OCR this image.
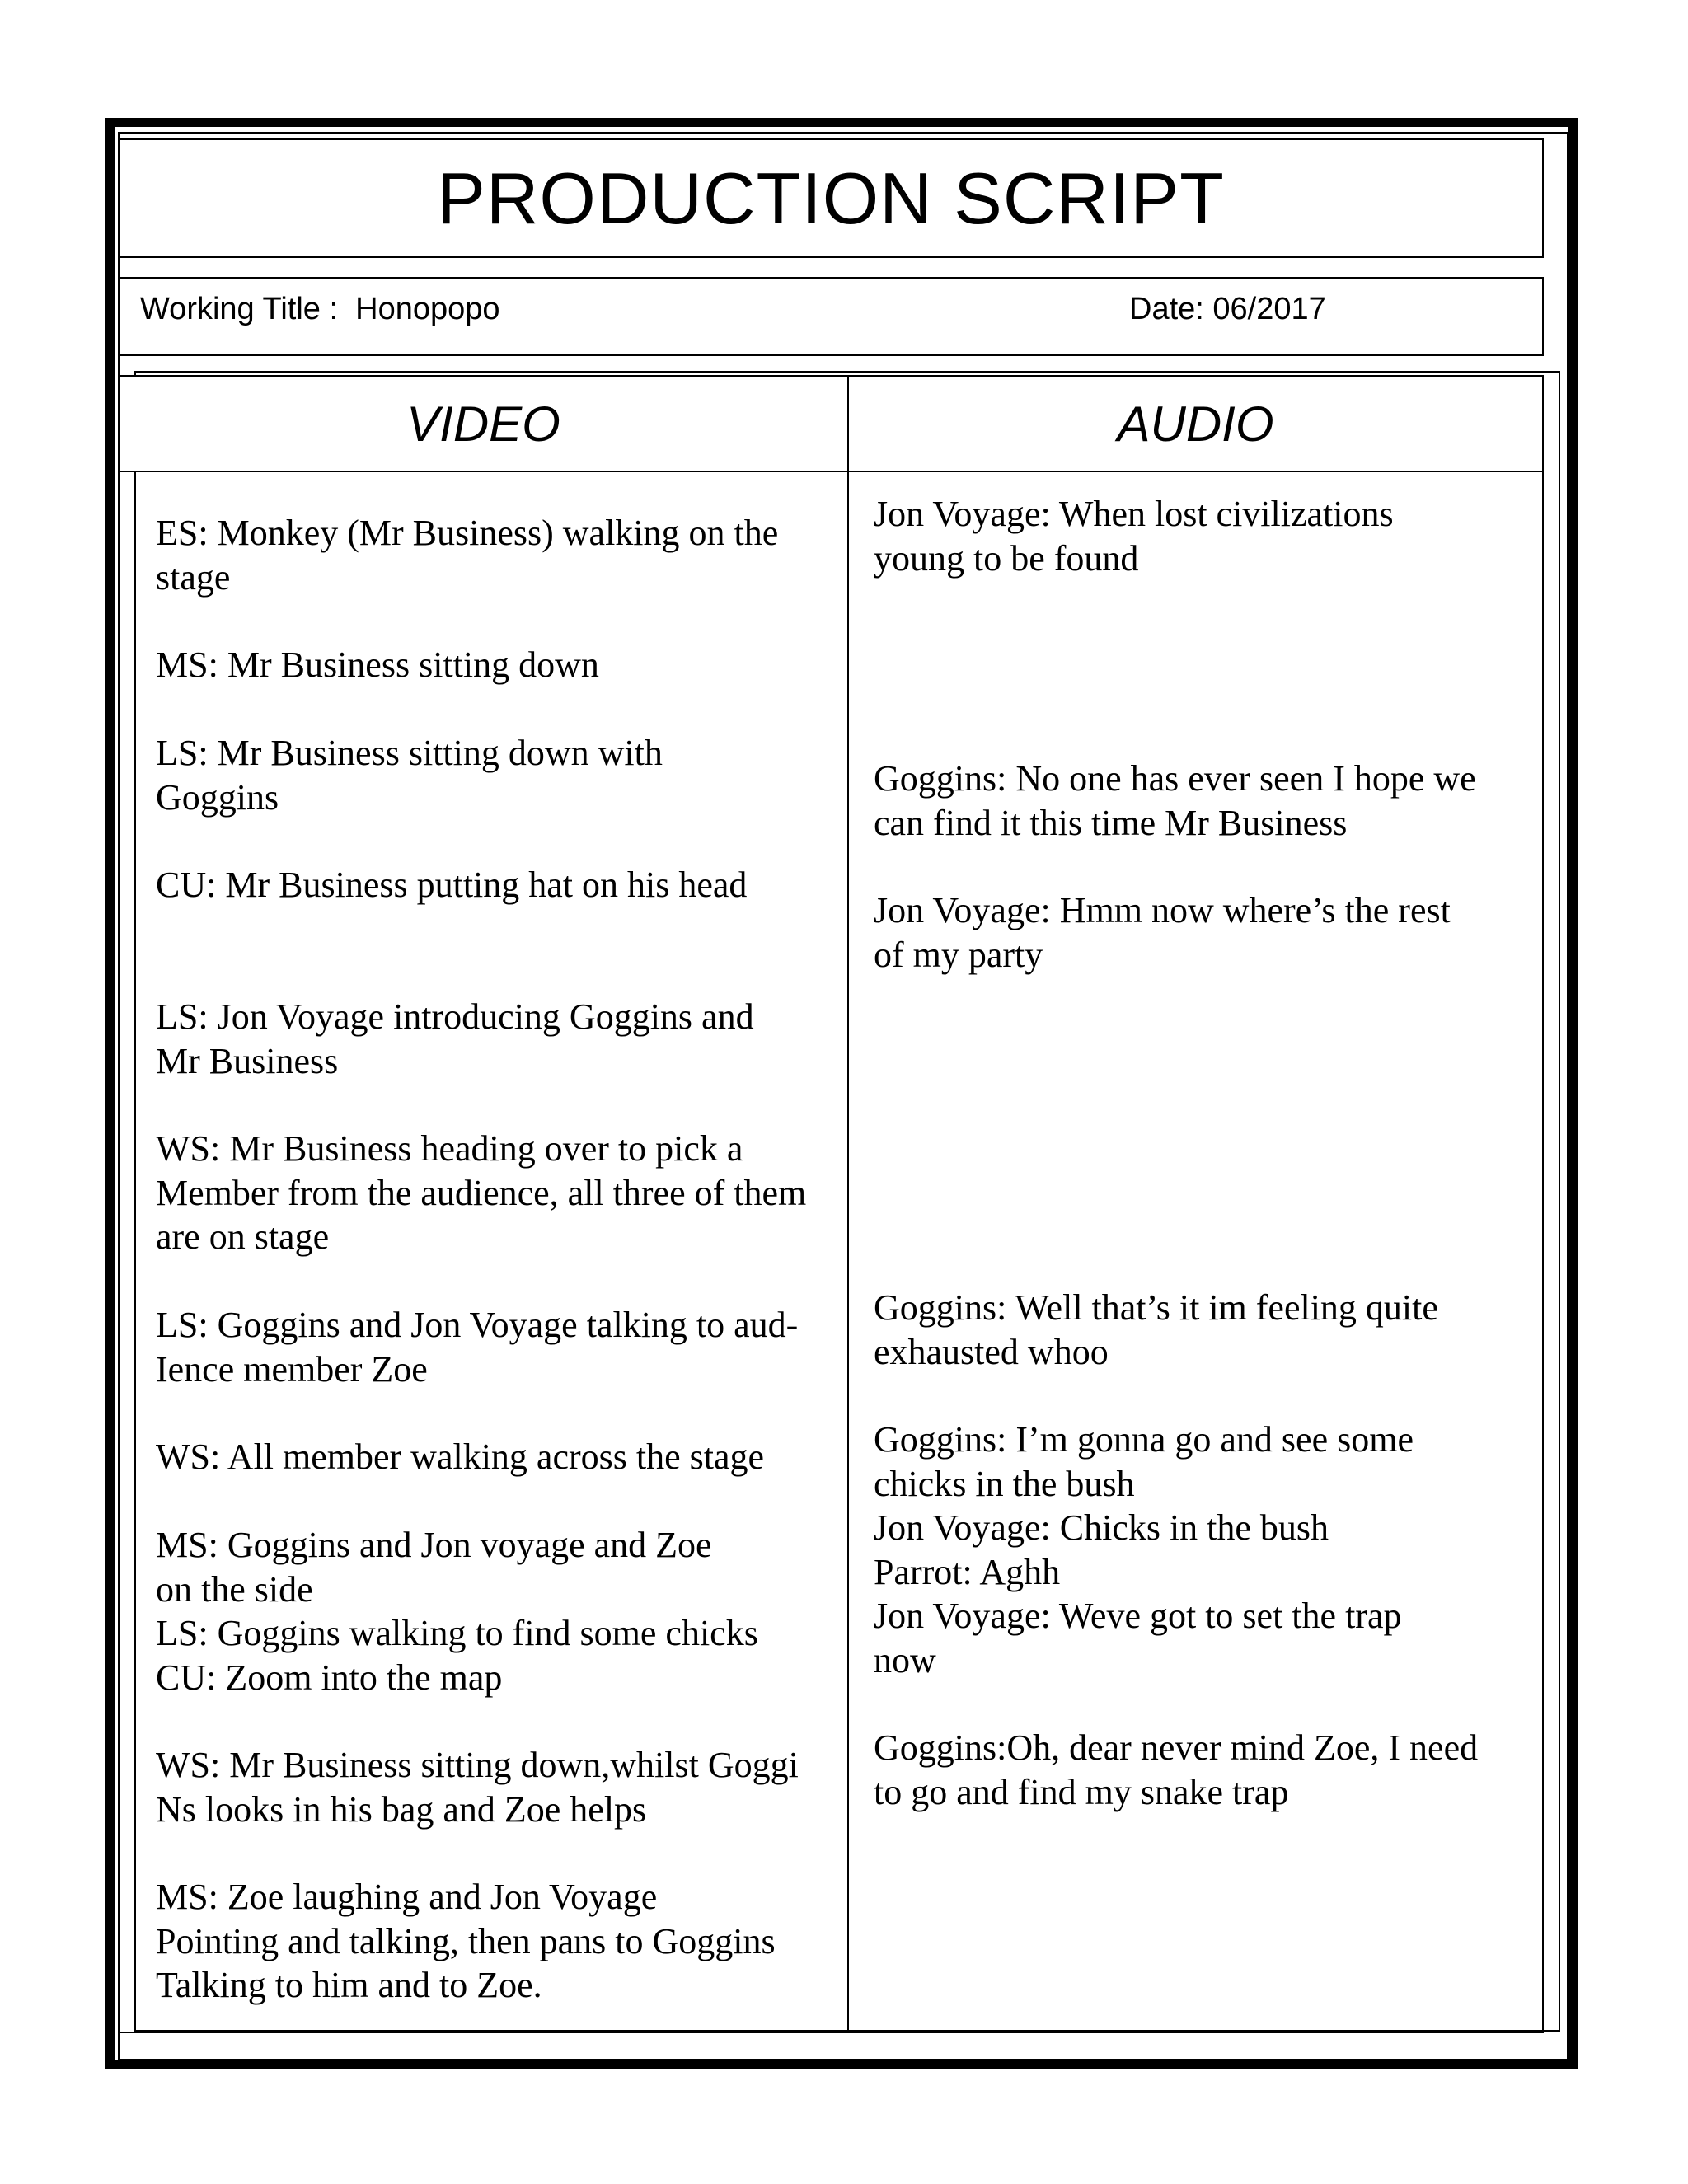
PRODUCTION SCRIPT
Working Title :  Honopopo	Date: 06/2017
VIDEO	AUDIO
ES: Monkey (Mr Business) walking on the
stage
MS: Mr Business sitting down
LS: Mr Business sitting down with
Goggins
CU: Mr Business putting hat on his head
LS: Jon Voyage introducing Goggins and
Mr Business
WS: Mr Business heading over to pick a
Member from the audience, all three of them
are on stage
LS: Goggins and Jon Voyage talking to aud-
Ience member Zoe
WS: All member walking across the stage
MS: Goggins and Jon voyage and Zoe
on the side
LS: Goggins walking to find some chicks
CU: Zoom into the map
WS: Mr Business sitting down,whilst Goggi
Ns looks in his bag and Zoe helps
MS: Zoe laughing and Jon Voyage
Pointing and talking, then pans to Goggins
Talking to him and to Zoe.
Jon Voyage: When lost civilizations
young to be found
Goggins: No one has ever seen I hope we
can find it this time Mr Business
Jon Voyage: Hmm now where’s the rest
of my party
Goggins: Well that’s it im feeling quite
exhausted whoo
Goggins: I’m gonna go and see some
chicks in the bush
Jon Voyage: Chicks in the bush
Parrot: Aghh
Jon Voyage: Weve got to set the trap
now
Goggins:Oh, dear never mind Zoe, I need
to go and find my snake trap
